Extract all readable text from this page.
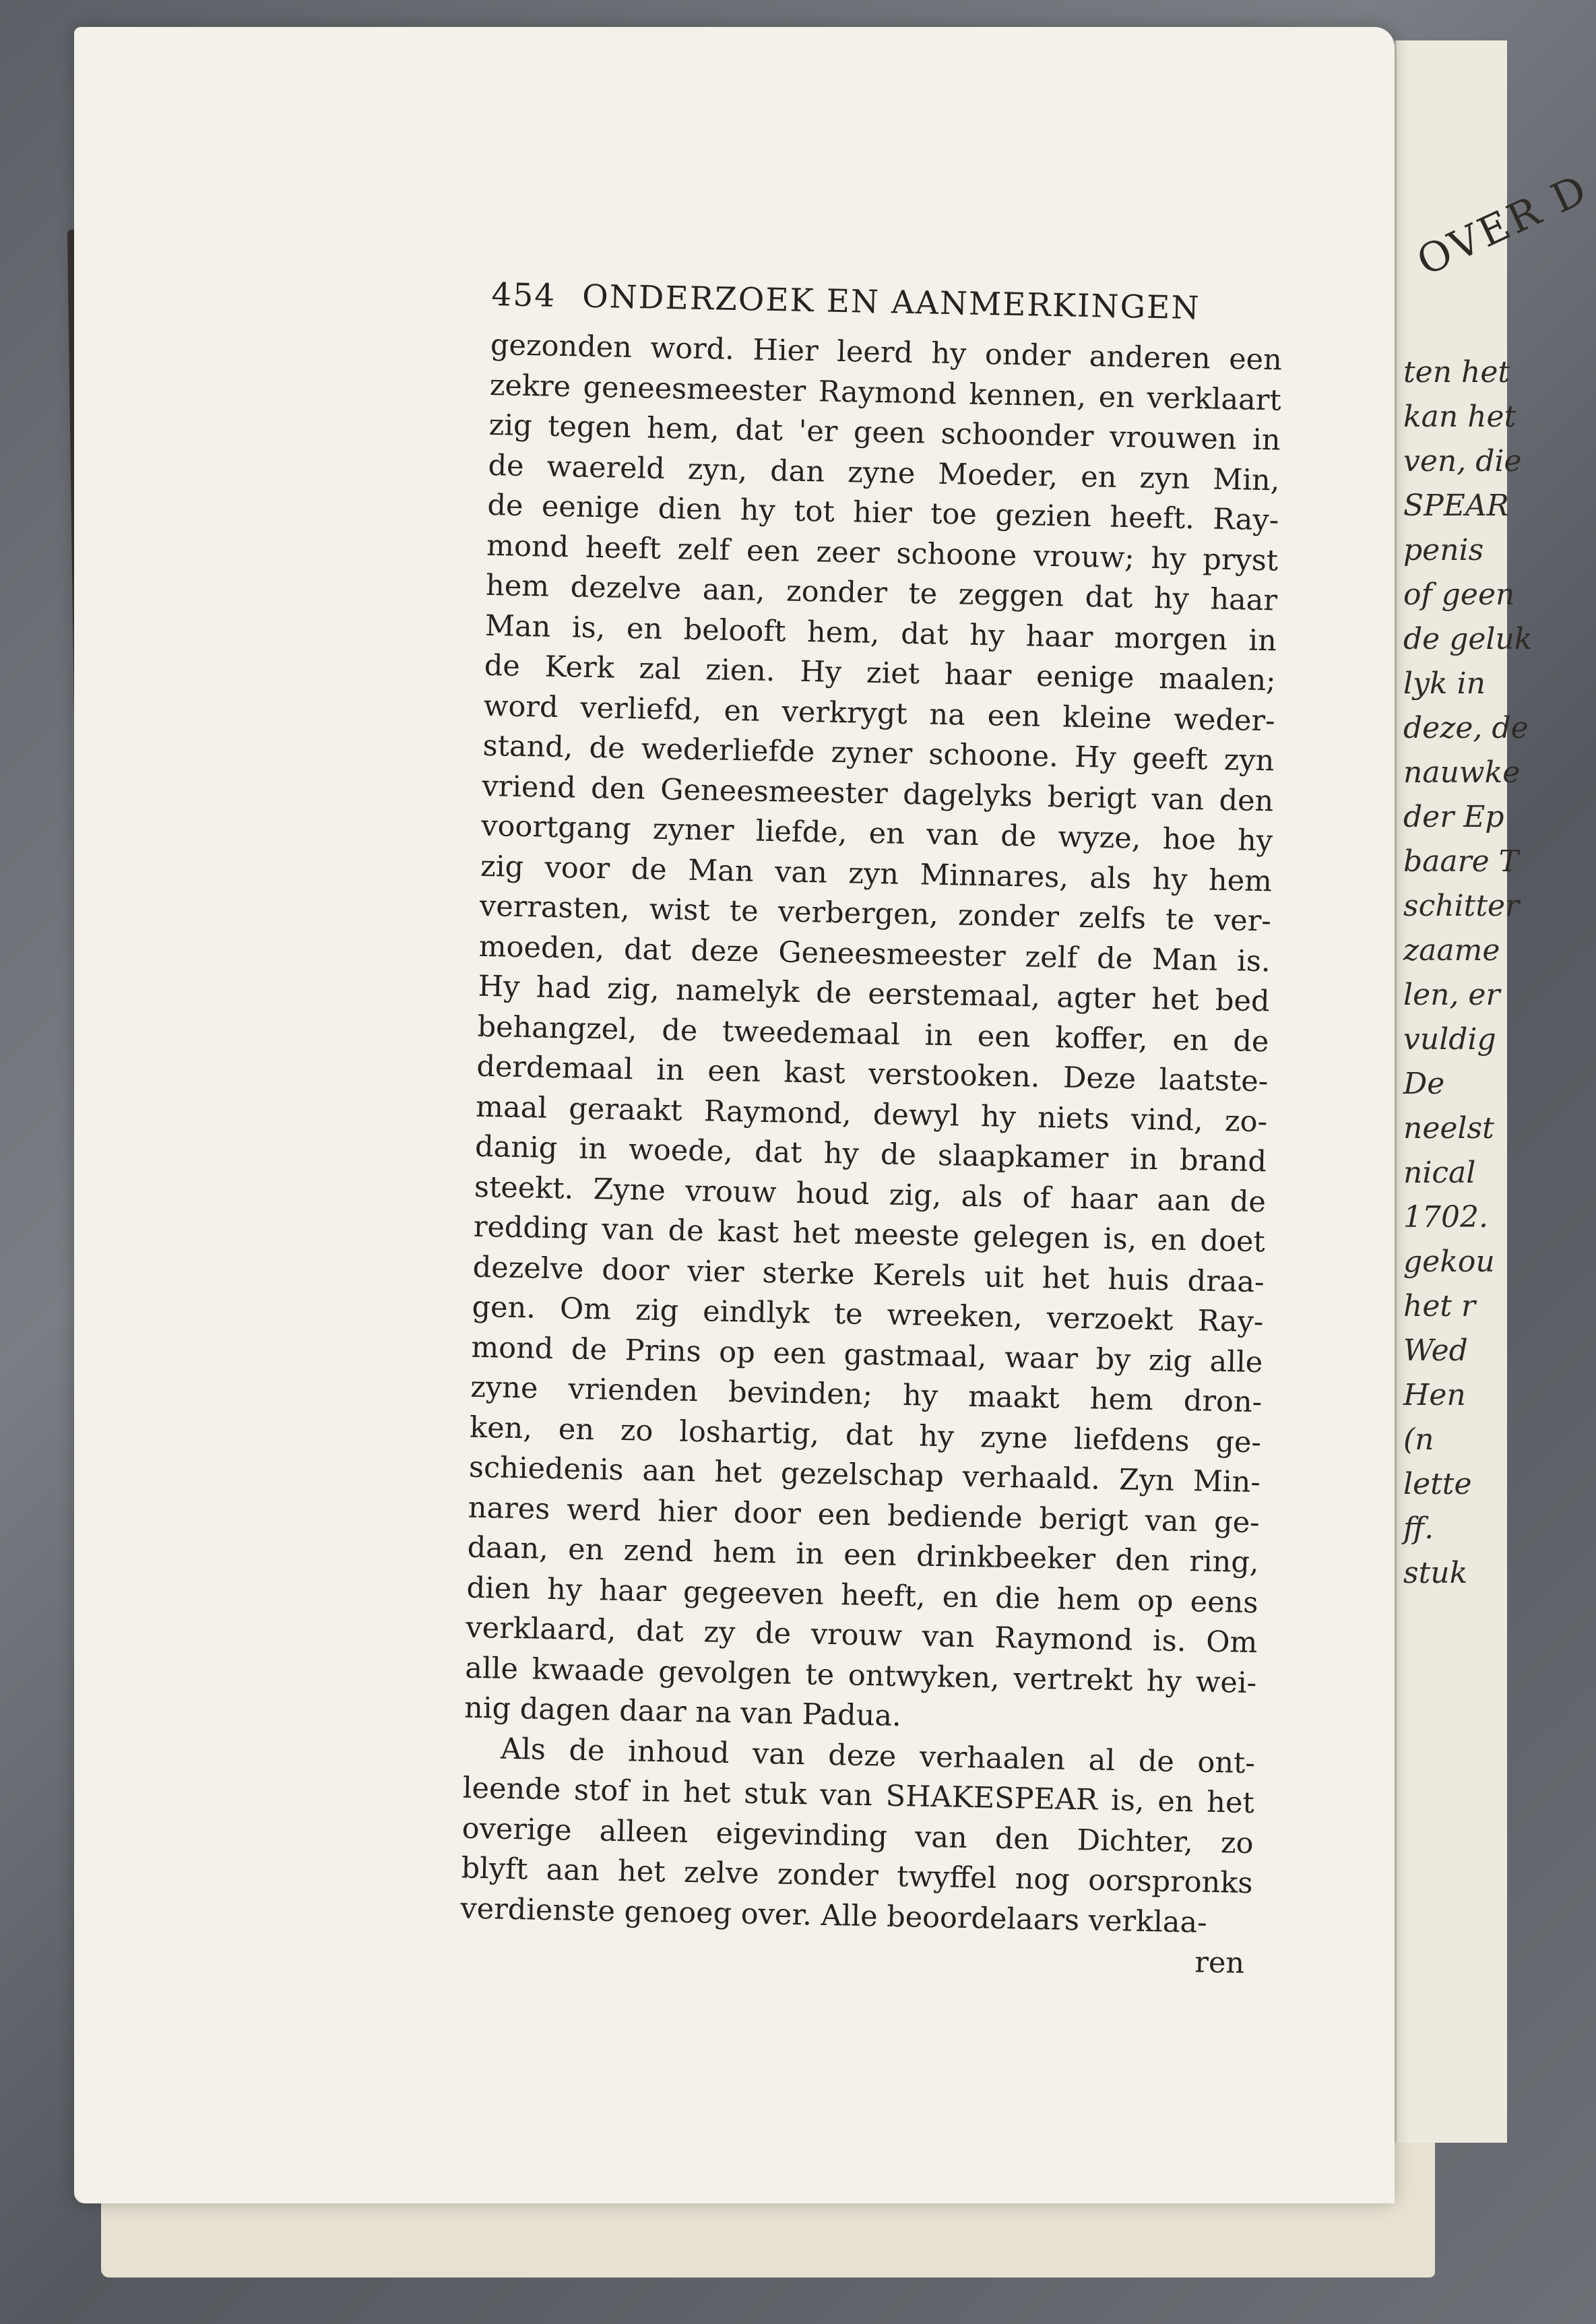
OVER D
ten het
kan het
ven, die
SPEAR
penis
of geen
de geluk
lyk in
deze, de
nauwke
der Ep
baare T
schitter
zaame
len, er
vuldig
De
neelst
nical
1702.
gekou
het r
Wed
Hen
(n
lette
ff.
stuk
454 ONDERZOEK EN AANMERKINGEN
gezonden word. Hier leerd hy onder anderen een
zekre geneesmeester Raymond kennen, en verklaart
zig tegen hem, dat 'er geen schoonder vrouwen in
de waereld zyn, dan zyne Moeder, en zyn Min,
de eenige dien hy tot hier toe gezien heeft. Ray-
mond heeft zelf een zeer schoone vrouw; hy pryst
hem dezelve aan, zonder te zeggen dat hy haar
Man is, en belooft hem, dat hy haar morgen in
de Kerk zal zien. Hy ziet haar eenige maalen;
word verliefd, en verkrygt na een kleine weder-
stand, de wederliefde zyner schoone. Hy geeft zyn
vriend den Geneesmeester dagelyks berigt van den
voortgang zyner liefde, en van de wyze, hoe hy
zig voor de Man van zyn Minnares, als hy hem
verrasten, wist te verbergen, zonder zelfs te ver-
moeden, dat deze Geneesmeester zelf de Man is.
Hy had zig, namelyk de eerstemaal, agter het bed
behangzel, de tweedemaal in een koffer, en de
derdemaal in een kast verstooken. Deze laatste-
maal geraakt Raymond, dewyl hy niets vind, zo-
danig in woede, dat hy de slaapkamer in brand
steekt. Zyne vrouw houd zig, als of haar aan de
redding van de kast het meeste gelegen is, en doet
dezelve door vier sterke Kerels uit het huis draa-
gen. Om zig eindlyk te wreeken, verzoekt Ray-
mond de Prins op een gastmaal, waar by zig alle
zyne vrienden bevinden; hy maakt hem dron-
ken, en zo loshartig, dat hy zyne liefdens ge-
schiedenis aan het gezelschap verhaald. Zyn Min-
nares werd hier door een bediende berigt van ge-
daan, en zend hem in een drinkbeeker den ring,
dien hy haar gegeeven heeft, en die hem op eens
verklaard, dat zy de vrouw van Raymond is. Om
alle kwaade gevolgen te ontwyken, vertrekt hy wei-
nig dagen daar na van Padua.
Als de inhoud van deze verhaalen al de ont-
leende stof in het stuk van SHAKESPEAR is, en het
overige alleen eigevinding van den Dichter, zo
blyft aan het zelve zonder twyffel nog oorspronks
verdienste genoeg over. Alle beoordelaars verklaa-
ren
